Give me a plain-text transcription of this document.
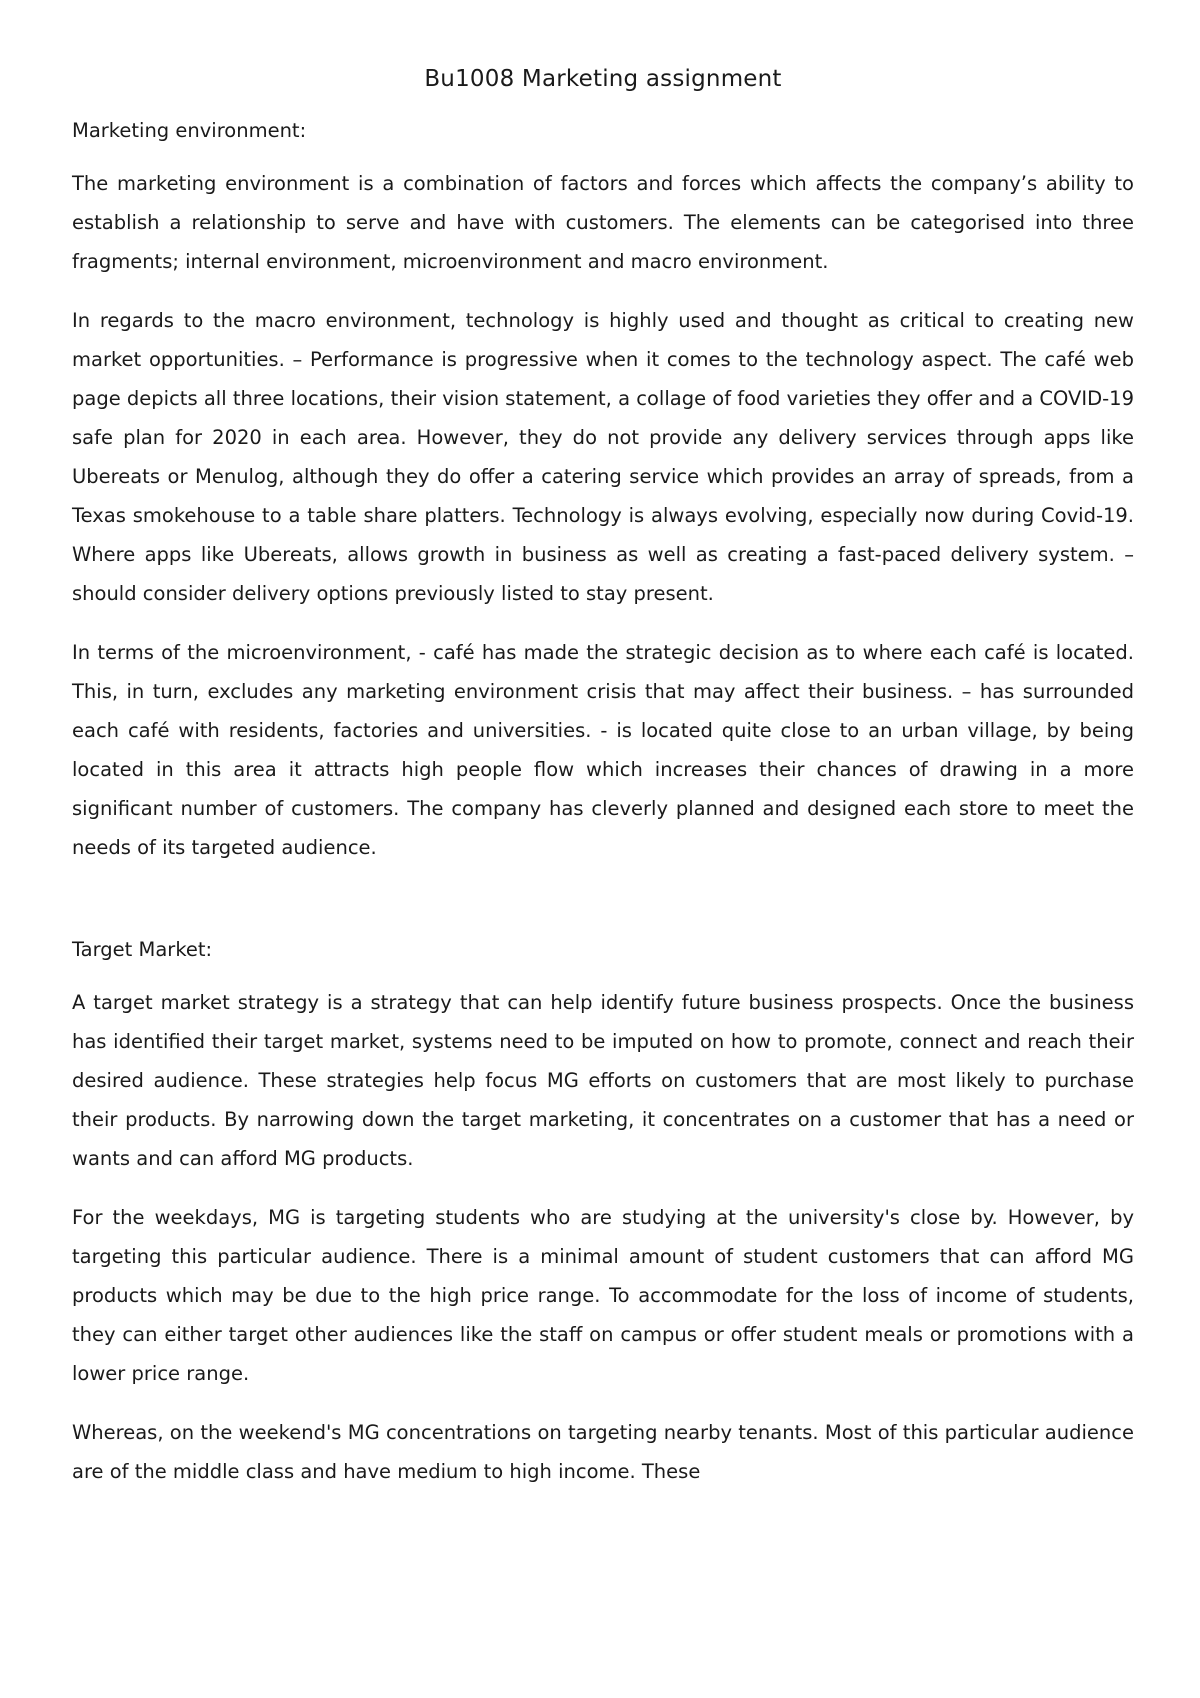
Bu1008 Marketing assignment
Marketing environment:

The marketing environment is a combination of factors and forces which affects the company’s ability to establish a relationship to serve and have with customers. The elements can be categorised into three fragments; internal environment, microenvironment and macro environment.

In regards to the macro environment, technology is highly used and thought as critical to creating new market opportunities. – Performance is progressive when it comes to the technology aspect. The café web page depicts all three locations, their vision statement, a collage of food varieties they offer and a COVID-19 safe plan for 2020 in each area. However, they do not provide any delivery services through apps like Ubereats or Menulog, although they do offer a catering service which provides an array of spreads, from a Texas smokehouse to a table share platters. Technology is always evolving, especially now during Covid-19. Where apps like Ubereats, allows growth in business as well as creating a fast-paced delivery system. – should consider delivery options previously listed to stay present.

In terms of the microenvironment, - café has made the strategic decision as to where each café is located. This, in turn, excludes any marketing environment crisis that may affect their business. – has surrounded each café with residents, factories and universities. - is located quite close to an urban village, by being located in this area it attracts high people flow which increases their chances of drawing in a more significant number of customers. The company has cleverly planned and designed each store to meet the needs of its targeted audience.

Target Market:

A target market strategy is a strategy that can help identify future business prospects. Once the business has identified their target market, systems need to be imputed on how to promote, connect and reach their desired audience. These strategies help focus MG efforts on customers that are most likely to purchase their products. By narrowing down the target marketing, it concentrates on a customer that has a need or wants and can afford MG products.

For the weekdays, MG is targeting students who are studying at the university's close by. However, by targeting this particular audience. There is a minimal amount of student customers that can afford MG products which may be due to the high price range. To accommodate for the loss of income of students, they can either target other audiences like the staff on campus or offer student meals or promotions with a lower price range.

Whereas, on the weekend's MG concentrations on targeting nearby tenants. Most of this particular audience are of the middle class and have medium to high income. These
